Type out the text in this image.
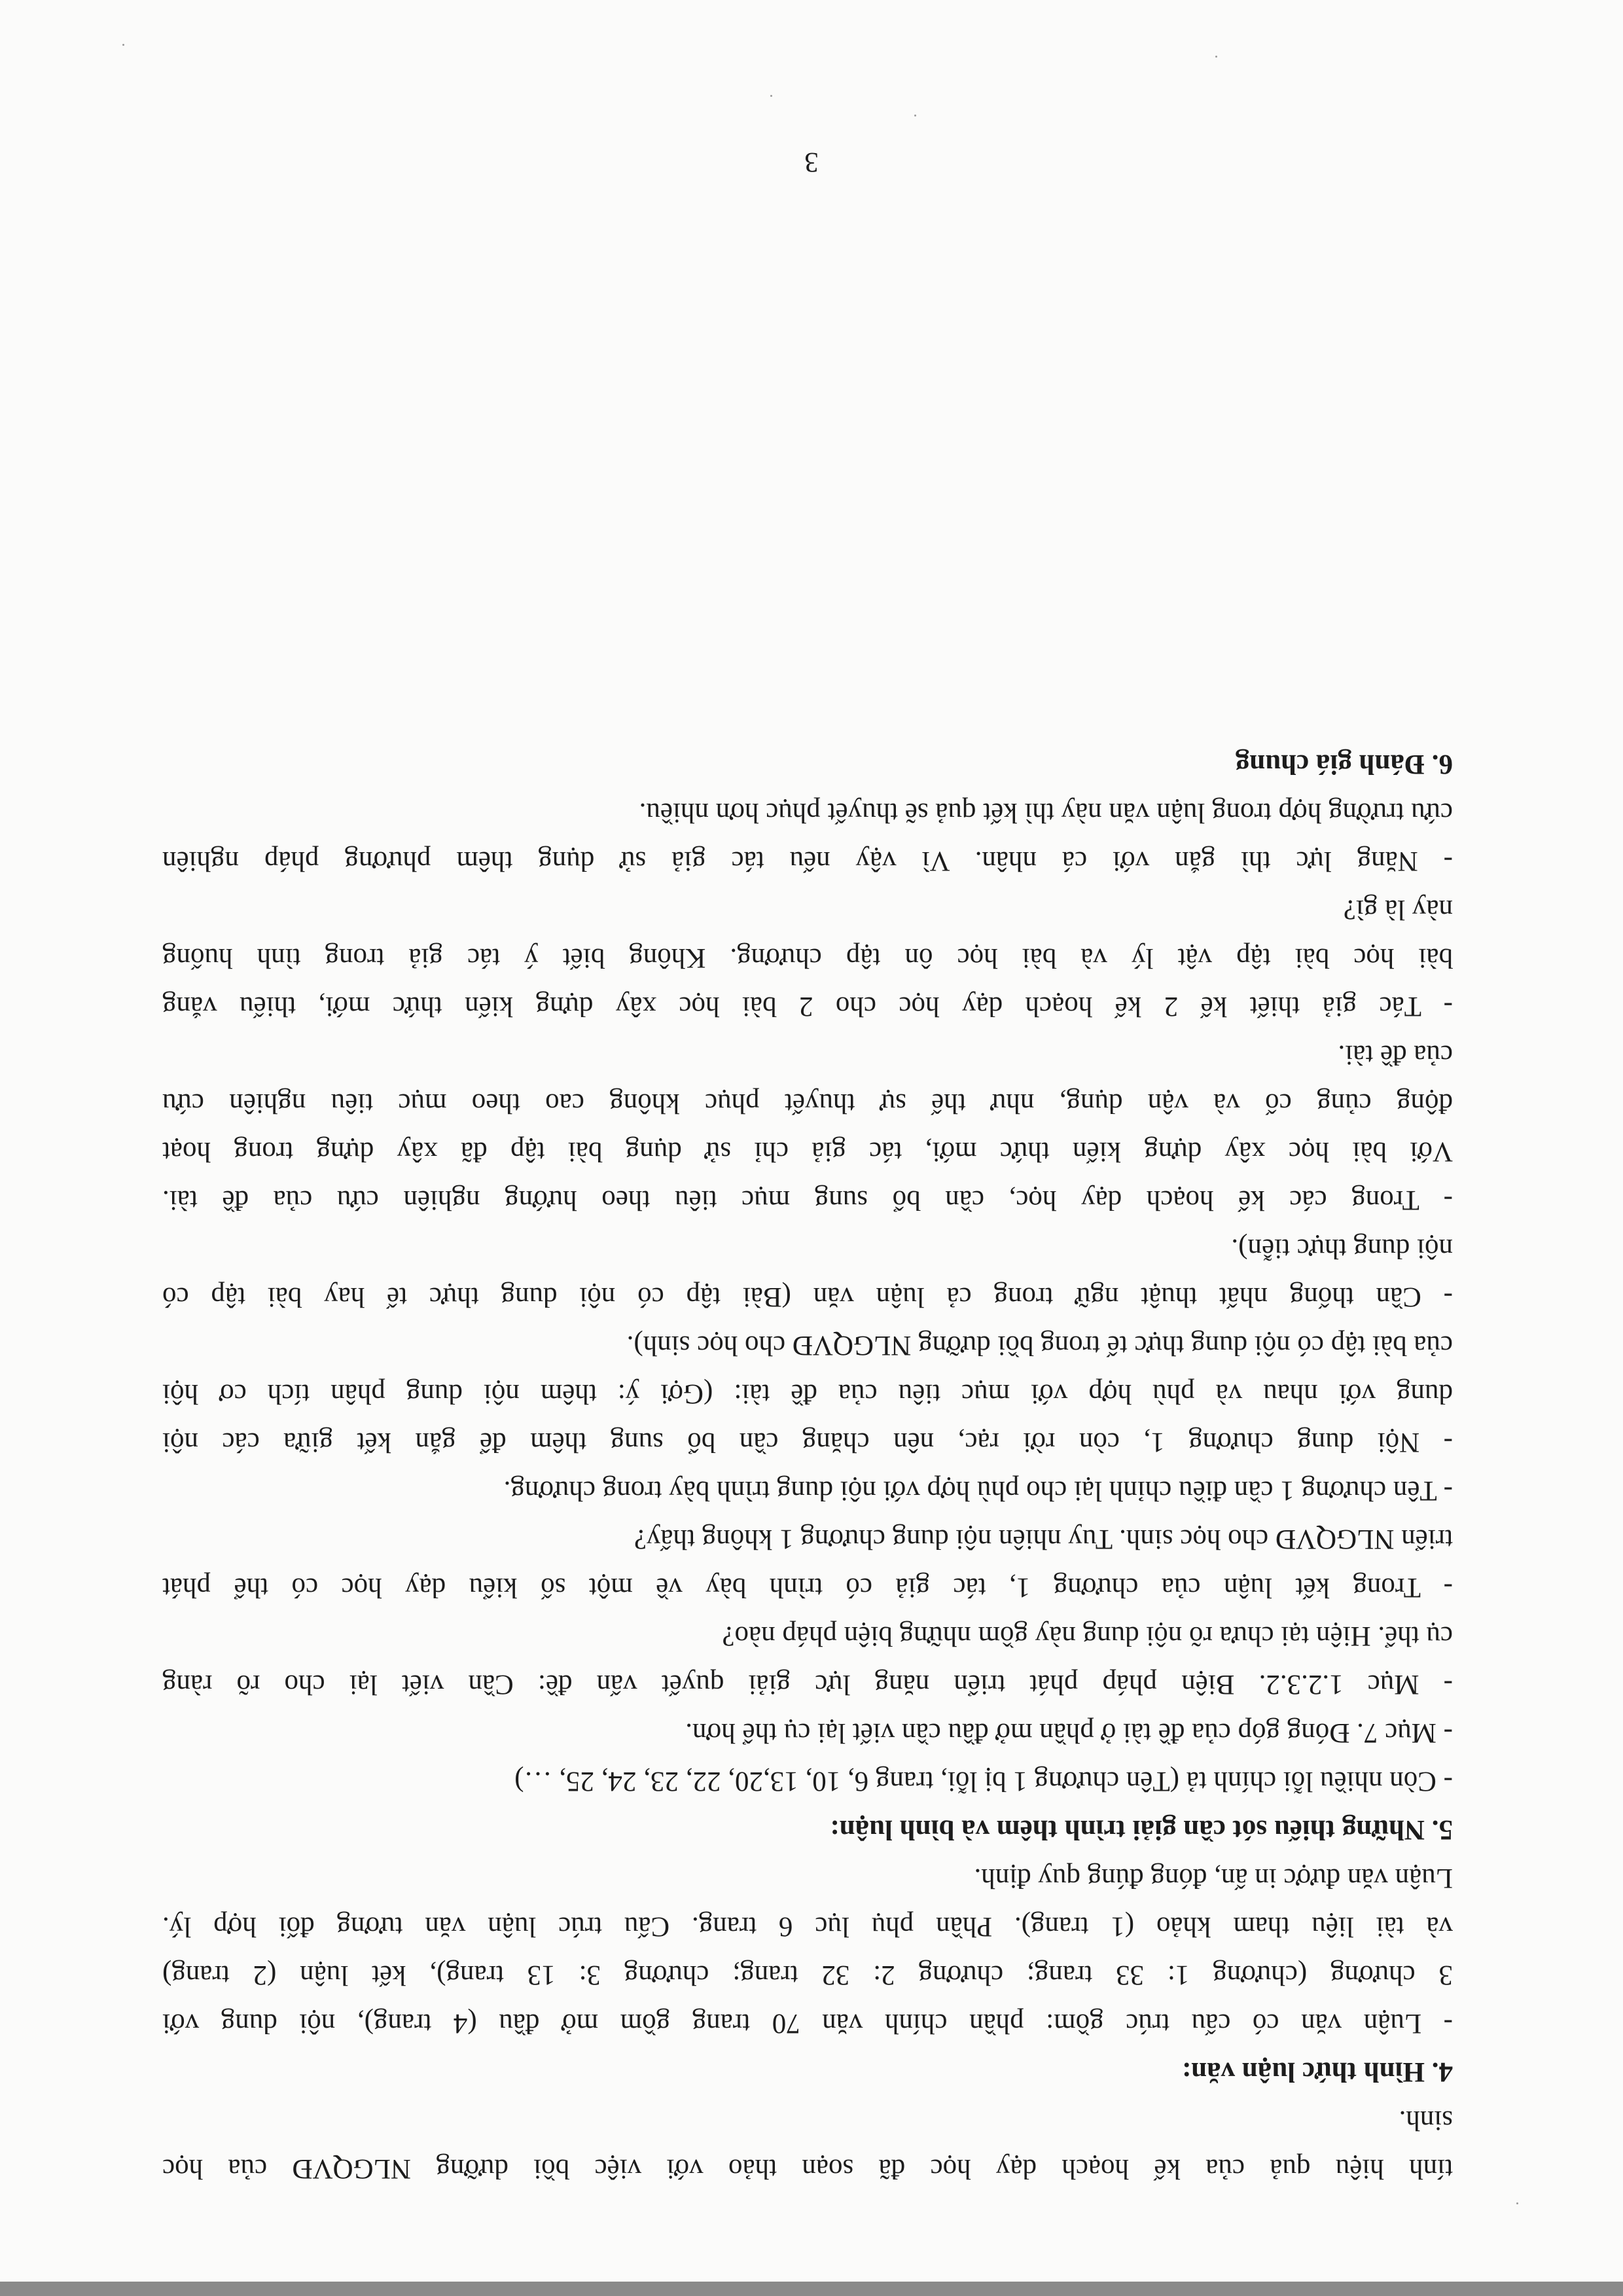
tính hiệu quả của kế hoạch dạy học đã soạn thảo với việc bồi dưỡng NLGQVĐ của học
sinh.
4. Hình thức luận văn:
- Luận văn có cấu trúc gồm: phần chính văn 70 trang gồm mở đầu (4 trang), nội dung với
3 chương (chương 1: 33 trang; chương 2: 32 trang; chương 3: 13 trang), kết luận (2 trang)
và tài liệu tham khảo (1 trang). Phần phụ lục 6 trang. Cấu trúc luận văn tương đối hợp lý.
Luận văn được in ấn, đóng đúng quy định.
5. Những thiếu sót cần giải trình thêm và bình luận:
- Còn nhiều lỗi chính tả (Tên chương 1 bị lỗi, trang 6, 10, 13,20, 22, 23, 24, 25, …)
- Mục 7. Đóng góp của đề tài ở phần mở đầu cần viết lại cụ thể hơn.
- Mục 1.2.3.2. Biện pháp phát triển năng lực giải quyết vấn đề: Cần viết lại cho rõ ràng
cụ thể. Hiện tại chưa rõ nội dung này gồm những biện pháp nào?
- Trong kết luận của chương 1, tác giả có trình bày về một số kiểu dạy học có thể phát
triển NLGQVĐ cho học sinh. Tuy nhiên nội dung chương 1 không thấy?
- Tên chương 1 cần điều chỉnh lại cho phù hợp với nội dung trình bày trong chương.
- Nội dung chương 1, còn rời rạc, nên chăng cần bổ sung thêm để gắn kết giữa các nội
dung với nhau và phù hợp với mục tiêu của đề tài: (Gợi ý: thêm nội dung phân tích cơ hội
của bài tập có nội dung thực tế trong bồi dưỡng NLGQVĐ cho học sinh).
- Cần thống nhất thuật ngữ trong cả luận văn (Bài tập có nội dung thực tế hay bài tập có
nội dung thực tiễn).
- Trong các kế hoạch dạy học, cần bổ sung mục tiêu theo hướng nghiên cứu của đề tài.
Với bài học xây dựng kiến thức mới, tác giả chỉ sử dụng bài tập đã xây dựng trong hoạt
động củng cố và vận dụng, như thế sự thuyết phục không cao theo mục tiêu nghiên cứu
của đề tài.
- Tác giả thiết kế 2 kế hoạch dạy học cho 2 bài học xây dựng kiến thức mới, thiếu vắng
bài học bài tập vật lý và bài học ôn tập chương. Không biết ý tác giả trong tình huống
này là gì?
- Năng lực thì gắn với cá nhân. Vì vậy nếu tác giả sử dụng thêm phương pháp nghiên
cứu trường hợp trong luận văn này thì kết quả sẽ thuyết phục hơn nhiều.
6. Đánh giá chung
3
